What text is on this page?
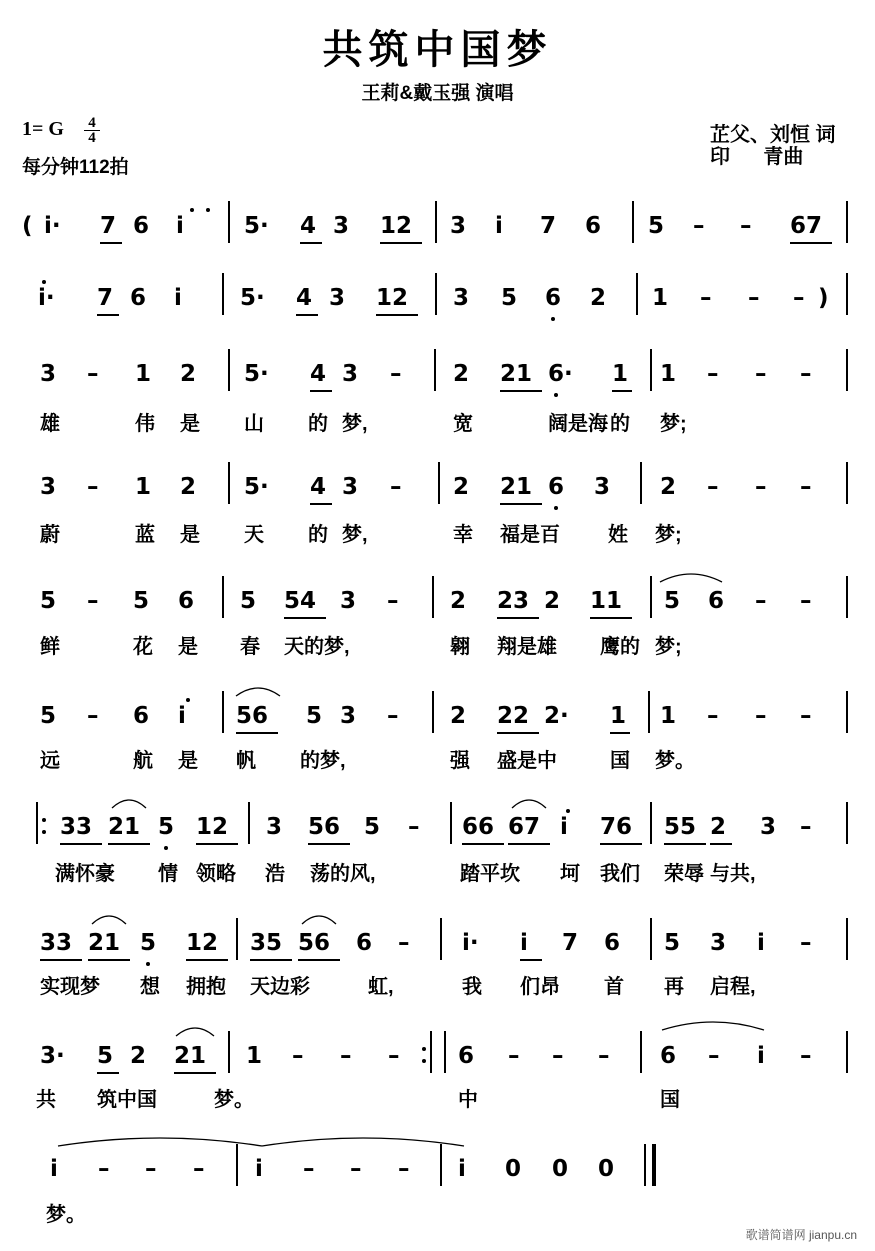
共筑中国梦
王莉&戴玉强 演唱
1= G	4
4
每分钟112拍
芷父、刘恒 词
印      青曲
( i· 7 6 i	5· 4 3 12 3 i 7 6 5 – – 67
i· 7 6 i	5· 4 3 12 3 5 6 2 1 – – – )
3 – 1 2 5· 4 3 – 2 21 6· 1 1 – – –
雄	伟 是 山 的 梦,	宽	阔是海 的 梦;
3 – 1 2 5· 4 3 – 2 21 6 3 2 – – –
蔚	蓝 是 天 的 梦,	幸 福是百 姓 梦;
5 – 5 6 5 54 3 – 2 23 2 11 5 6 – –
鲜	花 是 春 天的梦,	翱 翔是雄 鹰的 梦;
5 – 6 i 56 5 3 – 2 22 2· 1 1 – – –
远	航 是 帆 的梦,	强 盛是中	国 梦。
33 21 5 12 3 56 5 – 66 67 i 76 55 2 3 –
满怀豪 情 领略 浩 荡的风,	踏平坎 坷 我们 荣辱 与共,
33 21 5 12 35 56 6 – i· i 7 6 5 3 i –
实现梦 想 拥抱 天边彩	虹,	我 们昂 首 再 启程,
3· 5 2 21 1 – – –	6 – – – 6 – i –
共 筑中国	梦。	中	国
i – – – i – – – i 0 0 0
梦。
歌谱简谱网 jianpu.cn
